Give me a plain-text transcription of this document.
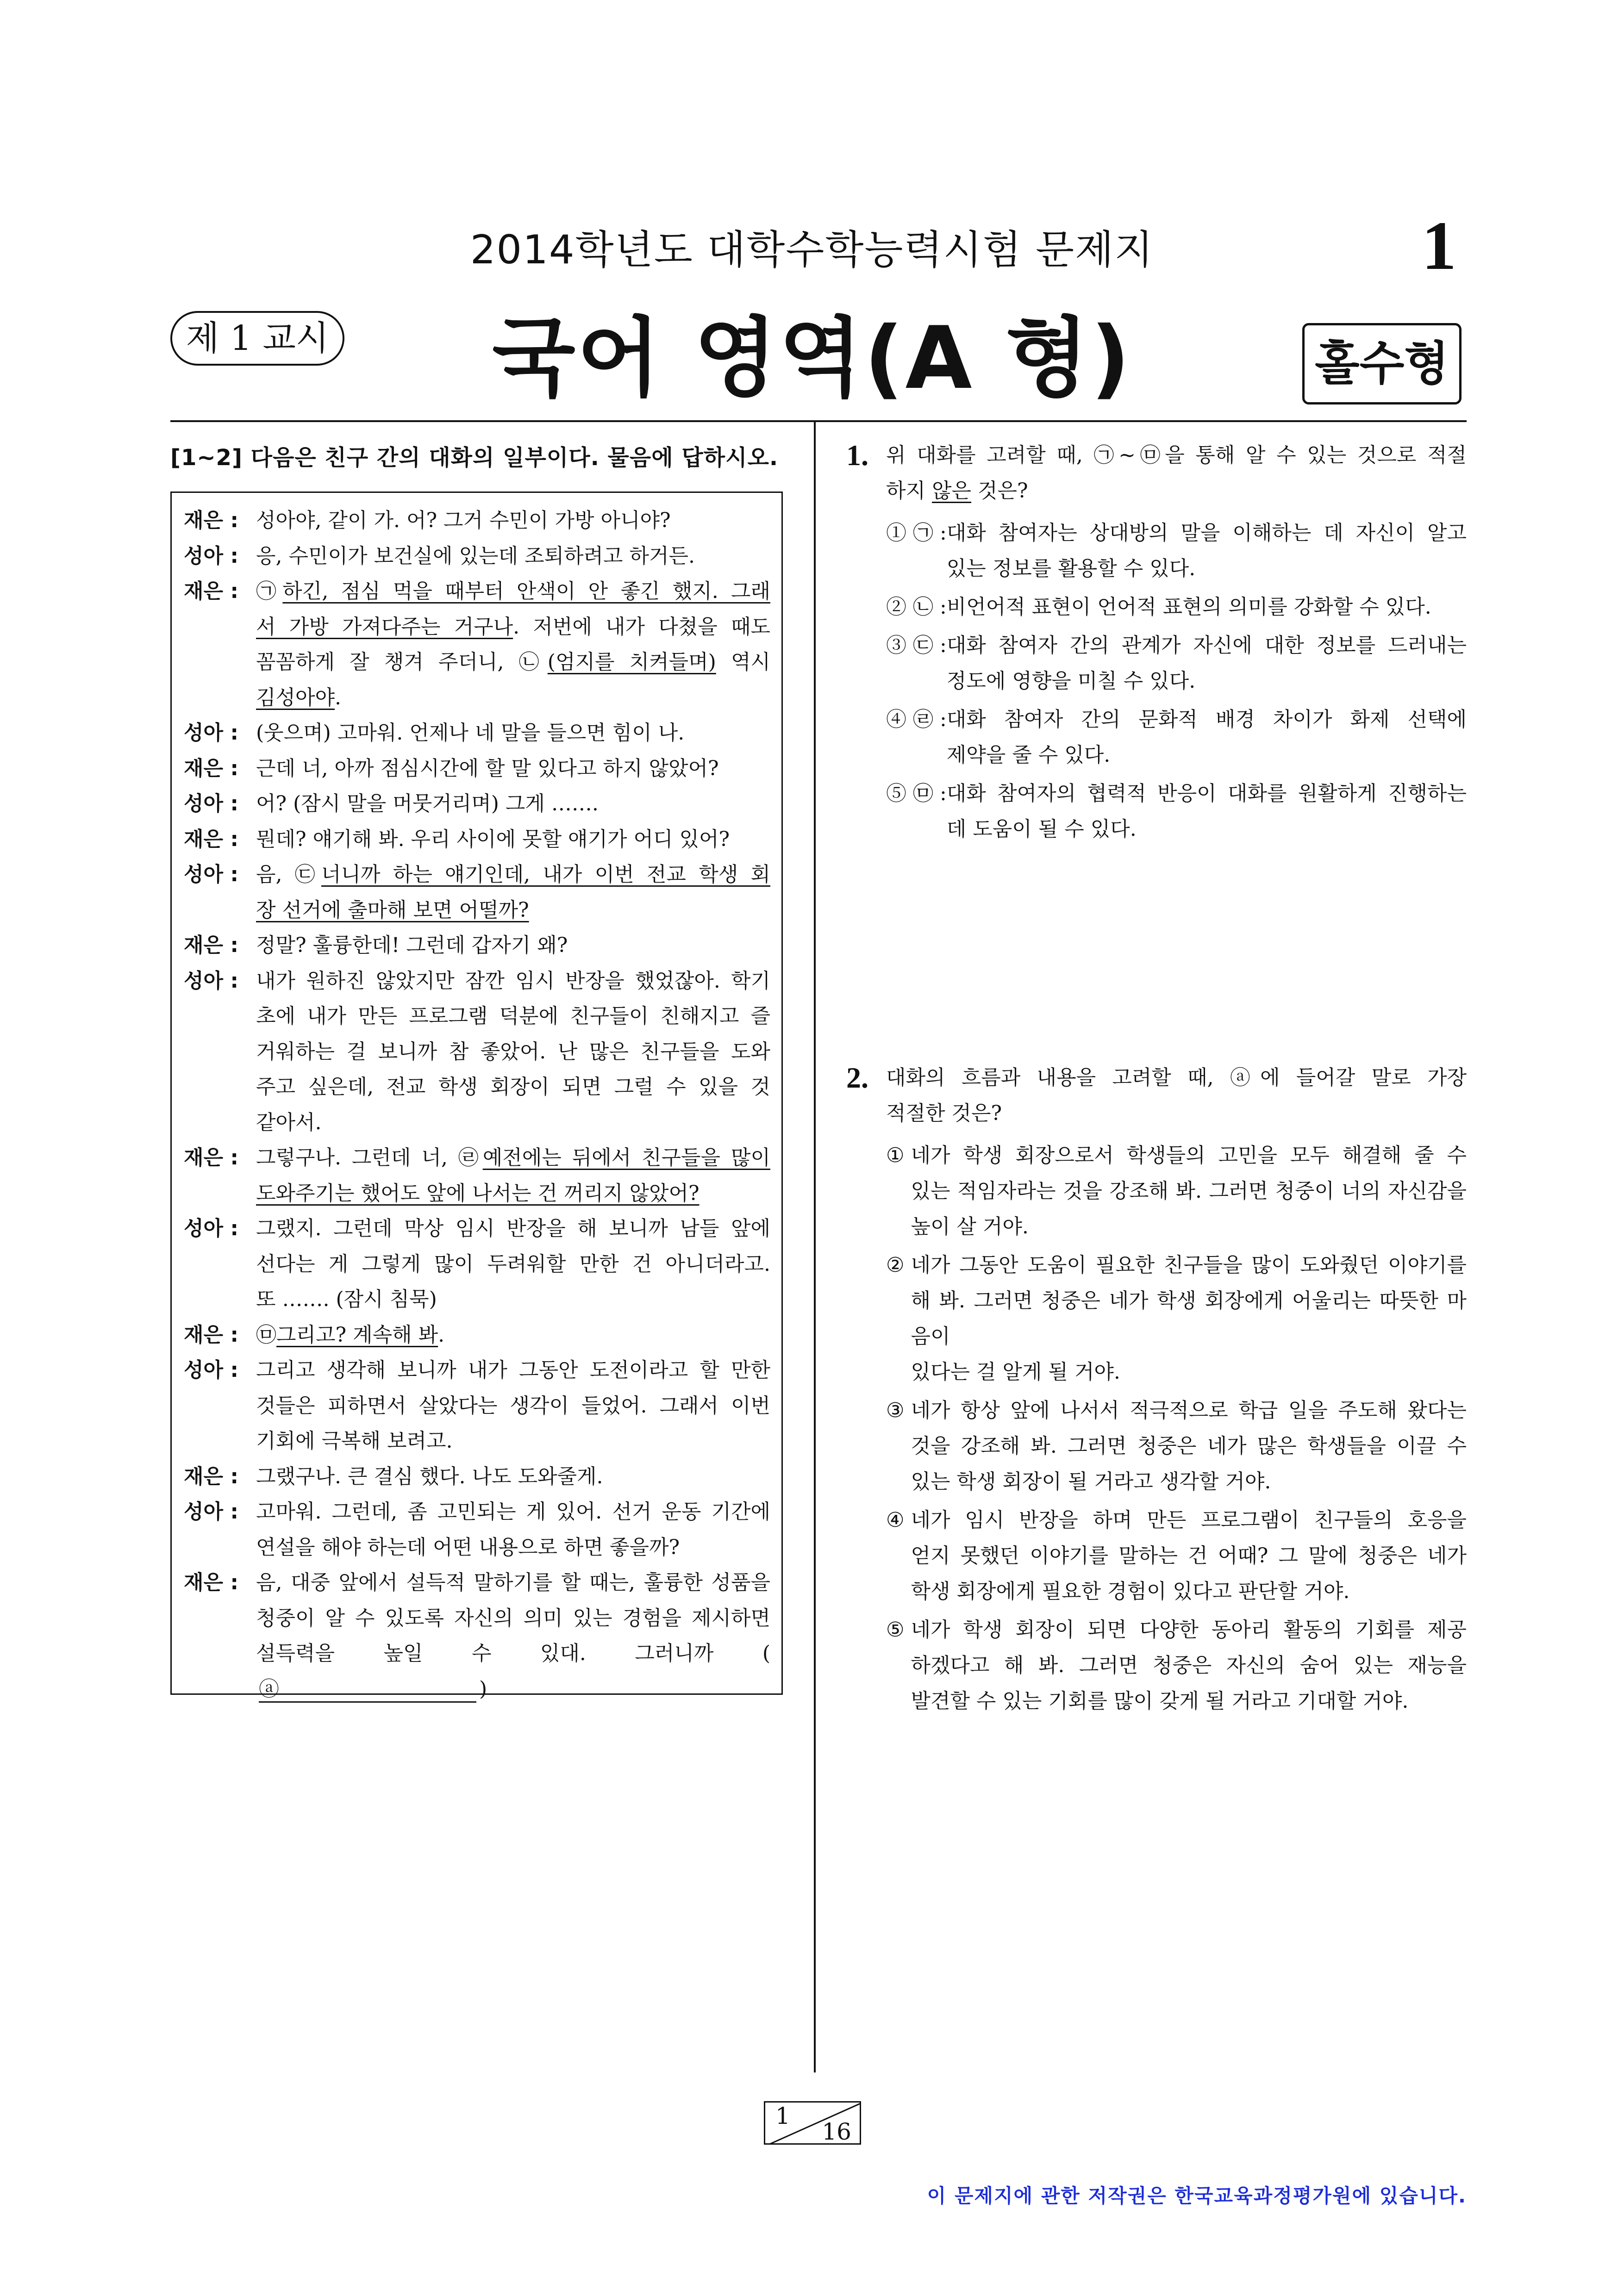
2014학년도 대학수학능력시험 문제지	1
제 1 교시	국어 영역(A 형)	홀수형
[1~2] 다음은 친구 간의 대화의 일부이다. 물음에 답하시오.
재은 : 성아야, 같이 가. 어? 그거 수민이 가방 아니야?
성아 : 응, 수민이가 보건실에 있는데 조퇴하려고 하거든.
재은 : ㉠하긴, 점심 먹을 때부터 안색이 안 좋긴 했지. 그래
서 가방 가져다주는 거구나. 저번에 내가 다쳤을 때도
꼼꼼하게 잘 챙겨 주더니, ㉡(엄지를 치켜들며) 역시
김성아야.
성아 : (웃으며) 고마워. 언제나 네 말을 들으면 힘이 나.
재은 : 근데 너, 아까 점심시간에 할 말 있다고 하지 않았어?
성아 : 어? (잠시 말을 머뭇거리며) 그게 …….
재은 : 뭔데? 얘기해 봐. 우리 사이에 못할 얘기가 어디 있어?
성아 : 음, ㉢너니까 하는 얘기인데, 내가 이번 전교 학생 회
장 선거에 출마해 보면 어떨까?
재은 : 정말? 훌륭한데! 그런데 갑자기 왜?
성아 : 내가 원하진 않았지만 잠깐 임시 반장을 했었잖아. 학기
초에 내가 만든 프로그램 덕분에 친구들이 친해지고 즐
거워하는 걸 보니까 참 좋았어. 난 많은 친구들을 도와
주고 싶은데, 전교 학생 회장이 되면 그럴 수 있을 것
같아서.
재은 : 그렇구나. 그런데 너, ㉣예전에는 뒤에서 친구들을 많이
도와주기는 했어도 앞에 나서는 건 꺼리지 않았어?
성아 : 그랬지. 그런데 막상 임시 반장을 해 보니까 남들 앞에
선다는 게 그렇게 많이 두려워할 만한 건 아니더라고.
또 ……. (잠시 침묵)
재은 : ㉤그리고? 계속해 봐.
성아 : 그리고 생각해 보니까 내가 그동안 도전이라고 할 만한
것들은 피하면서 살았다는 생각이 들었어. 그래서 이번
기회에 극복해 보려고.
재은 : 그랬구나. 큰 결심 했다. 나도 도와줄게.
성아 : 고마워. 그런데, 좀 고민되는 게 있어. 선거 운동 기간에
연설을 해야 하는데 어떤 내용으로 하면 좋을까?
재은 : 음, 대중 앞에서 설득적 말하기를 할 때는, 훌륭한 성품을
청중이 알 수 있도록 자신의 의미 있는 경험을 제시하면
설득력을 높일 수 있대. 그러니까 (ⓐ	)
1. 위 대화를 고려할 때, ㉠~㉤을 통해 알 수 있는 것으로 적절
하지 않은 것은?
① ㉠ : 대화 참여자는 상대방의 말을 이해하는 데 자신이 알고
있는 정보를 활용할 수 있다.
② ㉡ : 비언어적 표현이 언어적 표현의 의미를 강화할 수 있다.
③ ㉢ : 대화 참여자 간의 관계가 자신에 대한 정보를 드러내는
정도에 영향을 미칠 수 있다.
④ ㉣ : 대화 참여자 간의 문화적 배경 차이가 화제 선택에
제약을 줄 수 있다.
⑤ ㉤ : 대화 참여자의 협력적 반응이 대화를 원활하게 진행하는
데 도움이 될 수 있다.
2. 대화의 흐름과 내용을 고려할 때, ⓐ에 들어갈 말로 가장
적절한 것은?
① 네가 학생 회장으로서 학생들의 고민을 모두 해결해 줄 수
있는 적임자라는 것을 강조해 봐. 그러면 청중이 너의 자신감을
높이 살 거야.
② 네가 그동안 도움이 필요한 친구들을 많이 도와줬던 이야기를
해 봐. 그러면 청중은 네가 학생 회장에게 어울리는 따뜻한 마음이
있다는 걸 알게 될 거야.
③ 네가 항상 앞에 나서서 적극적으로 학급 일을 주도해 왔다는
것을 강조해 봐. 그러면 청중은 네가 많은 학생들을 이끌 수
있는 학생 회장이 될 거라고 생각할 거야.
④ 네가 임시 반장을 하며 만든 프로그램이 친구들의 호응을
얻지 못했던 이야기를 말하는 건 어때? 그 말에 청중은 네가
학생 회장에게 필요한 경험이 있다고 판단할 거야.
⑤ 네가 학생 회장이 되면 다양한 동아리 활동의 기회를 제공
하겠다고 해 봐. 그러면 청중은 자신의 숨어 있는 재능을
발견할 수 있는 기회를 많이 갖게 될 거라고 기대할 거야.
1
16
이 문제지에 관한 저작권은 한국교육과정평가원에 있습니다.
